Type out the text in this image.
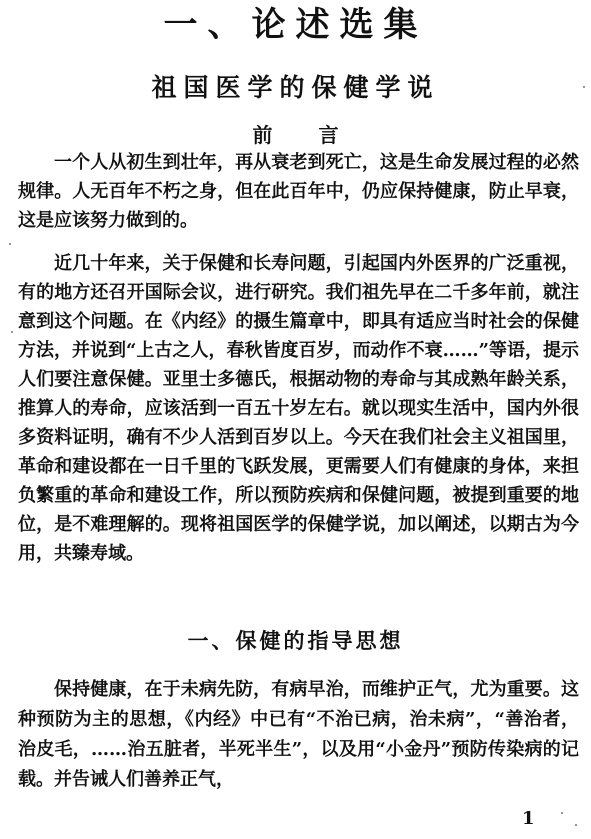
一、论述选集
祖国医学的保健学说
前言

一个人从初生到壮年，再从衰老到死亡，这是生命发展过程的必然规律。人无百年不朽之身，但在此百年中，仍应保持健康，防止早衰，这是应该努力做到的。

近几十年来，关于保健和长寿问题，引起国内外医界的广泛重视，有的地方还召开国际会议，进行研究。我们祖先早在二千多年前，就注意到这个问题。在《内经》的摄生篇章中，即具有适应当时社会的保健方法，并说到“上古之人，春秋皆度百岁，而动作不衰……”等语，提示人们要注意保健。亚里士多德氏，根据动物的寿命与其成熟年龄关系，推算人的寿命，应该活到一百五十岁左右。就以现实生活中，国内外很多资料证明，确有不少人活到百岁以上。今天在我们社会主义祖国里，革命和建设都在一日千里的飞跃发展，更需要人们有健康的身体，来担负繁重的革命和建设工作，所以预防疾病和保健问题，被提到重要的地位，是不难理解的。现将祖国医学的保健学说，加以阐述，以期古为今用，共臻寿域。

一、保健的指导思想

保持健康，在于未病先防，有病早治，而维护正气，尤为重要。这种预防为主的思想，《内经》中已有“不治已病，治未病”，“善治者，治皮毛，……治五脏者，半死半生”，以及用“小金丹”预防传染病的记载。并告诫人们善养正气，

1
